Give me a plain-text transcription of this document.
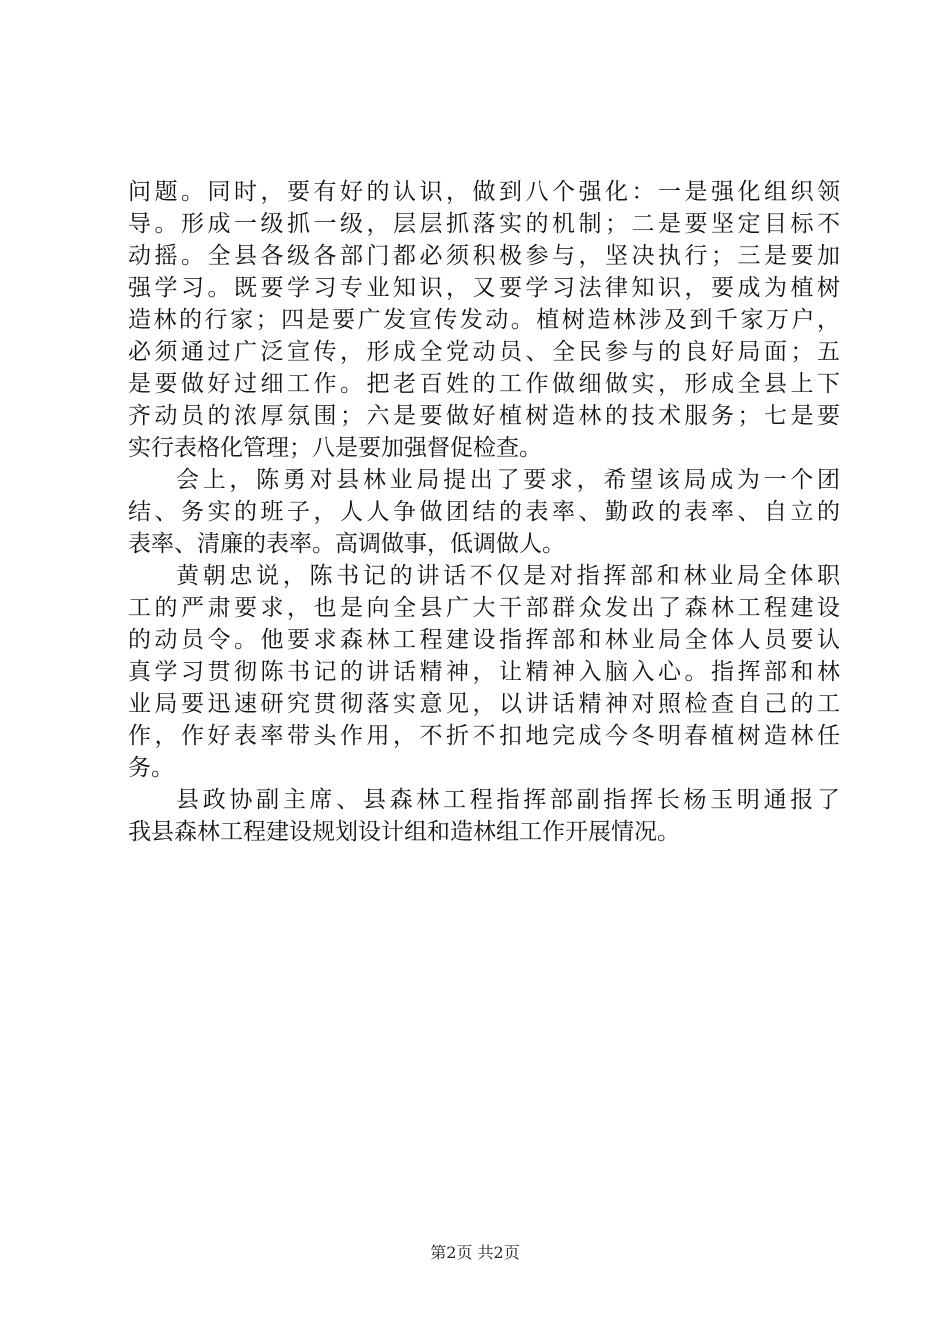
问题。同时，要有好的认识，做到八个强化：一是强化组织领
导。形成一级抓一级，层层抓落实的机制；二是要坚定目标不
动摇。全县各级各部门都必须积极参与，坚决执行；三是要加
强学习。既要学习专业知识，又要学习法律知识，要成为植树
造林的行家；四是要广发宣传发动。植树造林涉及到千家万户，
必须通过广泛宣传，形成全党动员、全民参与的良好局面；五
是要做好过细工作。把老百姓的工作做细做实，形成全县上下
齐动员的浓厚氛围；六是要做好植树造林的技术服务；七是要
实行表格化管理；八是要加强督促检查。
会上，陈勇对县林业局提出了要求，希望该局成为一个团
结、务实的班子，人人争做团结的表率、勤政的表率、自立的
表率、清廉的表率。高调做事，低调做人。
黄朝忠说，陈书记的讲话不仅是对指挥部和林业局全体职
工的严肃要求，也是向全县广大干部群众发出了森林工程建设
的动员令。他要求森林工程建设指挥部和林业局全体人员要认
真学习贯彻陈书记的讲话精神，让精神入脑入心。指挥部和林
业局要迅速研究贯彻落实意见，以讲话精神对照检查自己的工
作，作好表率带头作用，不折不扣地完成今冬明春植树造林任
务。
县政协副主席、县森林工程指挥部副指挥长杨玉明通报了
我县森林工程建设规划设计组和造林组工作开展情况。
第2页 共2页
